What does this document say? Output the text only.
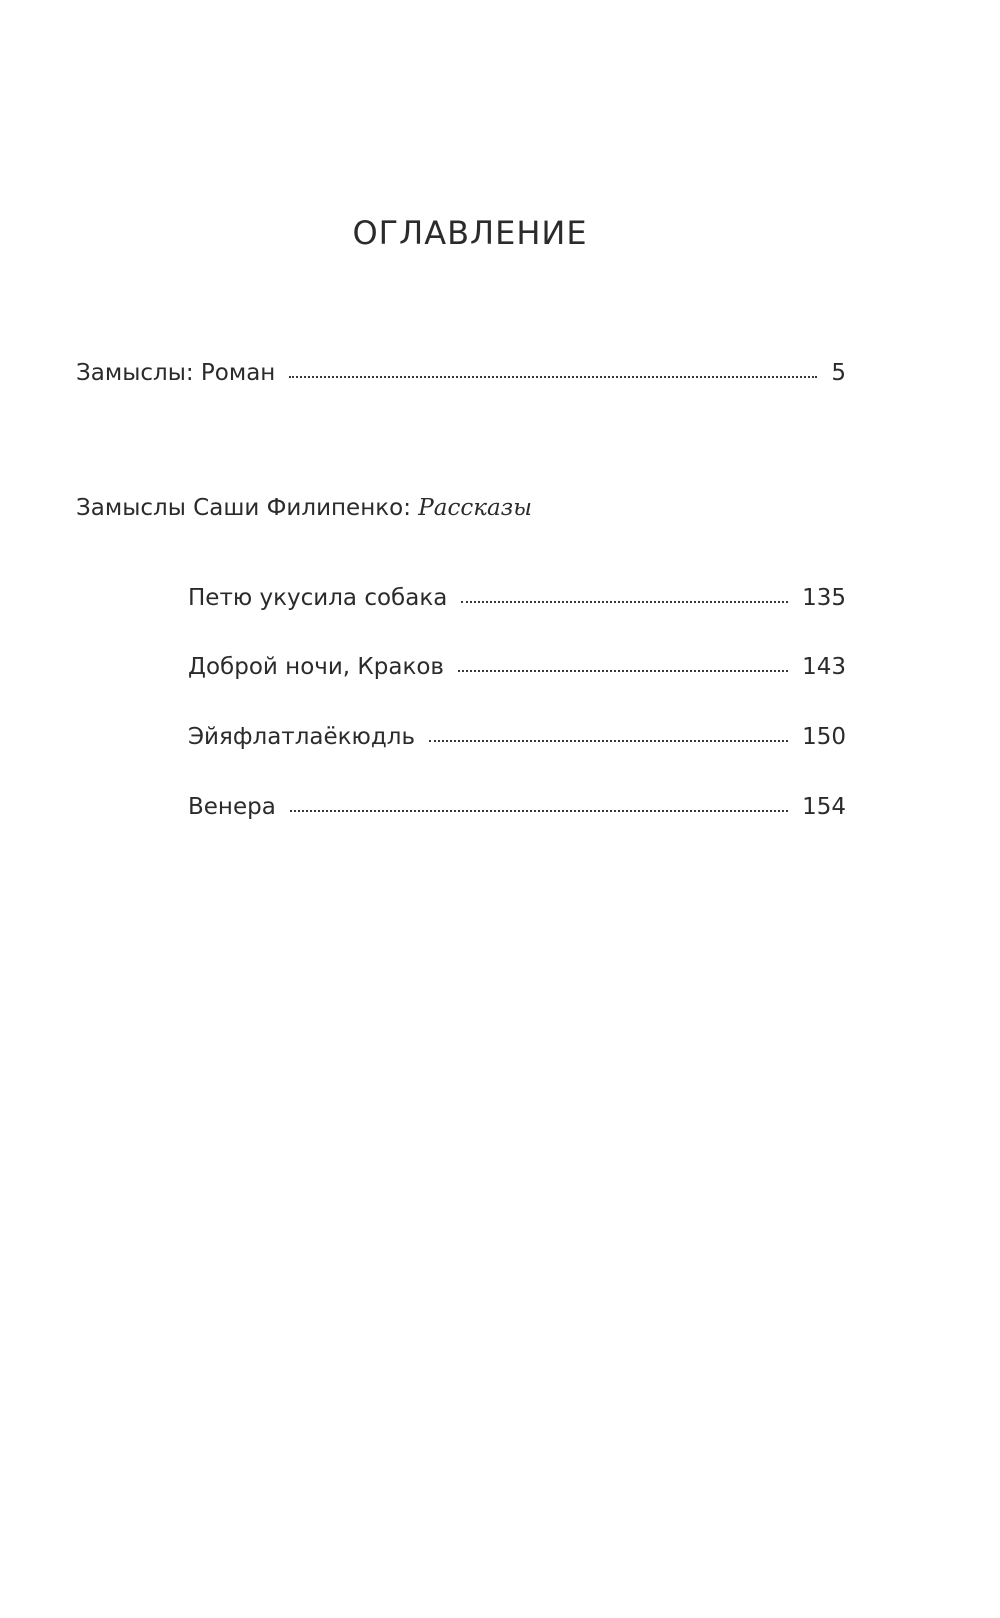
ОГЛАВЛЕНИЕ
Замыслы: Роман	5
Замыслы Саши Филипенко: Рассказы
Петю укусила собака	135
Доброй ночи, Краков	143
Эйяфлатлаёкюдль	150
Венера	154
